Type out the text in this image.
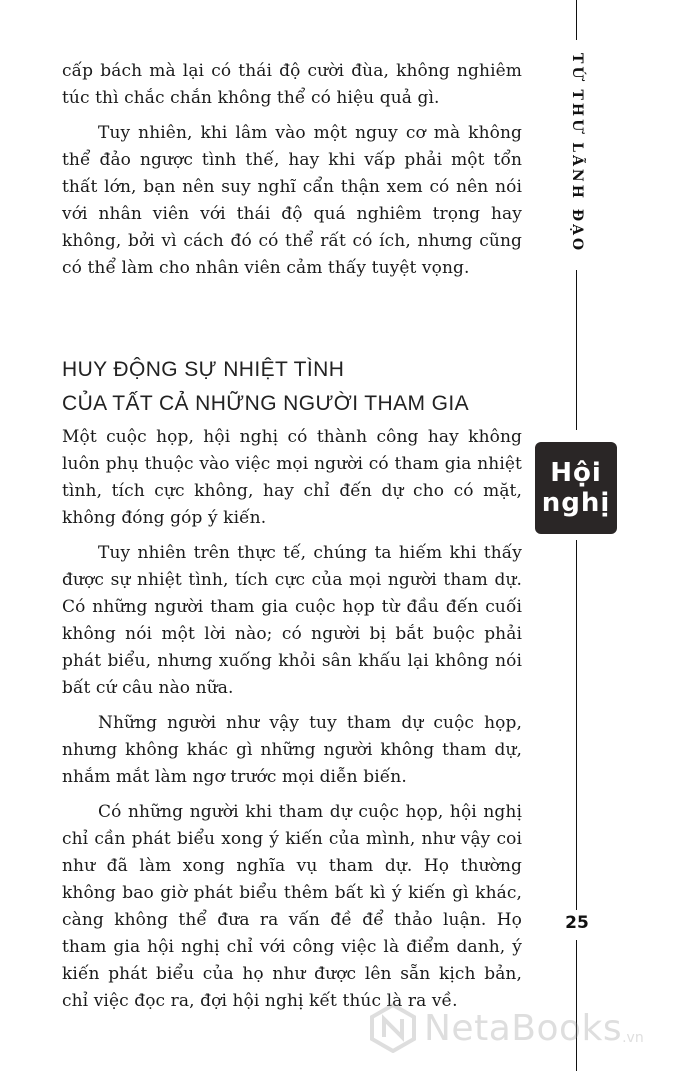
TỨ THƯ LÃNH ĐẠO

cấp bách mà lại có thái độ cười đùa, không nghiêm túc thì chắc chắn không thể có hiệu quả gì.

Tuy nhiên, khi lâm vào một nguy cơ mà không thể đảo ngược tình thế, hay khi vấp phải một tổn thất lớn, bạn nên suy nghĩ cẩn thận xem có nên nói với nhân viên với thái độ quá nghiêm trọng hay không, bởi vì cách đó có thể rất có ích, nhưng cũng có thể làm cho nhân viên cảm thấy tuyệt vọng.

HUY ĐỘNG SỰ NHIỆT TÌNH
CỦA TẤT CẢ NHỮNG NGƯỜI THAM GIA

Một cuộc họp, hội nghị có thành công hay không luôn phụ thuộc vào việc mọi người có tham gia nhiệt tình, tích cực không, hay chỉ đến dự cho có mặt, không đóng góp ý kiến.

Tuy nhiên trên thực tế, chúng ta hiếm khi thấy được sự nhiệt tình, tích cực của mọi người tham dự. Có những người tham gia cuộc họp từ đầu đến cuối không nói một lời nào; có người bị bắt buộc phải phát biểu, nhưng xuống khỏi sân khấu lại không nói bất cứ câu nào nữa.

Những người như vậy tuy tham dự cuộc họp, nhưng không khác gì những người không tham dự, nhắm mắt làm ngơ trước mọi diễn biến.

Có những người khi tham dự cuộc họp, hội nghị chỉ cần phát biểu xong ý kiến của mình, như vậy coi như đã làm xong nghĩa vụ tham dự. Họ thường không bao giờ phát biểu thêm bất kì ý kiến gì khác, càng không thể đưa ra vấn đề để thảo luận. Họ tham gia hội nghị chỉ với công việc là điểm danh, ý kiến phát biểu của họ như được lên sẵn kịch bản, chỉ việc đọc ra, đợi hội nghị kết thúc là ra về.

Hội
nghị
25
NetaBooks .vn
